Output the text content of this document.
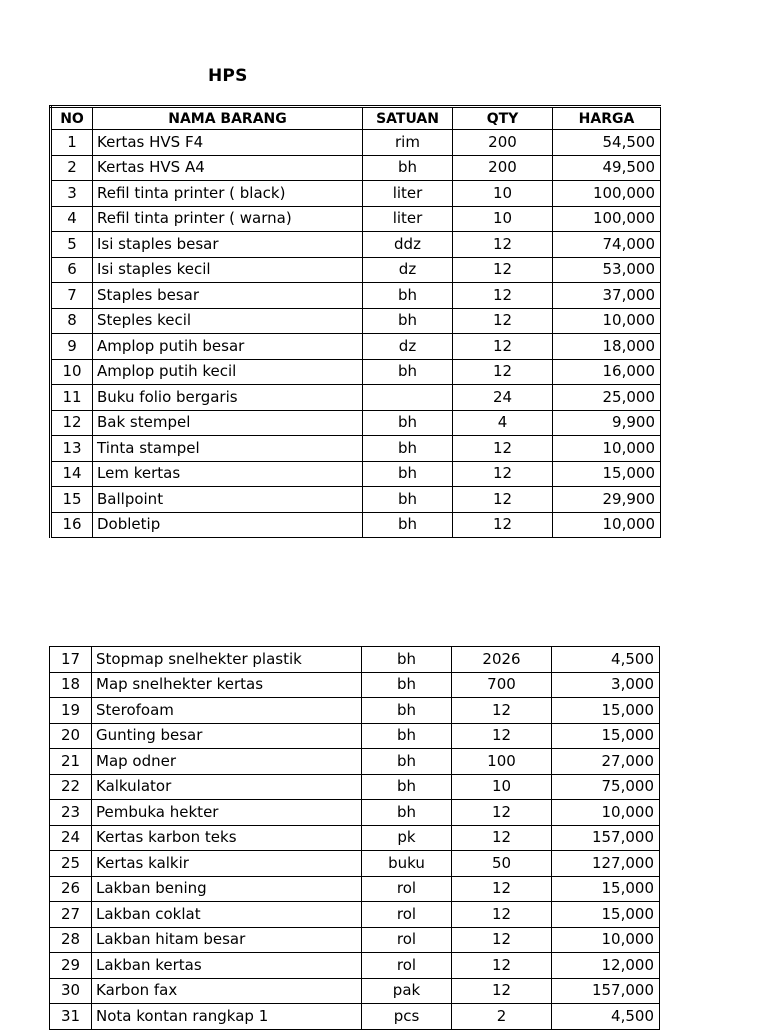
HPS
NO	NAMA BARANG	SATUAN	QTY	HARGA
1	Kertas HVS F4	rim	200	54,500
2	Kertas HVS A4	bh	200	49,500
3	Refil tinta printer ( black)	liter	10	100,000
4	Refil tinta printer ( warna)	liter	10	100,000
5	Isi staples besar	ddz	12	74,000
6	Isi staples kecil	dz	12	53,000
7	Staples besar	bh	12	37,000
8	Steples kecil	bh	12	10,000
9	Amplop putih besar	dz	12	18,000
10	Amplop putih kecil	bh	12	16,000
11	Buku folio bergaris		24	25,000
12	Bak stempel	bh	4	9,900
13	Tinta stampel	bh	12	10,000
14	Lem kertas	bh	12	15,000
15	Ballpoint	bh	12	29,900
16	Dobletip	bh	12	10,000
17	Stopmap snelhekter plastik	bh	2026	4,500
18	Map snelhekter kertas	bh	700	3,000
19	Sterofoam	bh	12	15,000
20	Gunting besar	bh	12	15,000
21	Map odner	bh	100	27,000
22	Kalkulator	bh	10	75,000
23	Pembuka hekter	bh	12	10,000
24	Kertas karbon teks	pk	12	157,000
25	Kertas kalkir	buku	50	127,000
26	Lakban bening	rol	12	15,000
27	Lakban coklat	rol	12	15,000
28	Lakban hitam besar	rol	12	10,000
29	Lakban kertas	rol	12	12,000
30	Karbon fax	pak	12	157,000
31	Nota kontan rangkap 1	pcs	2	4,500
